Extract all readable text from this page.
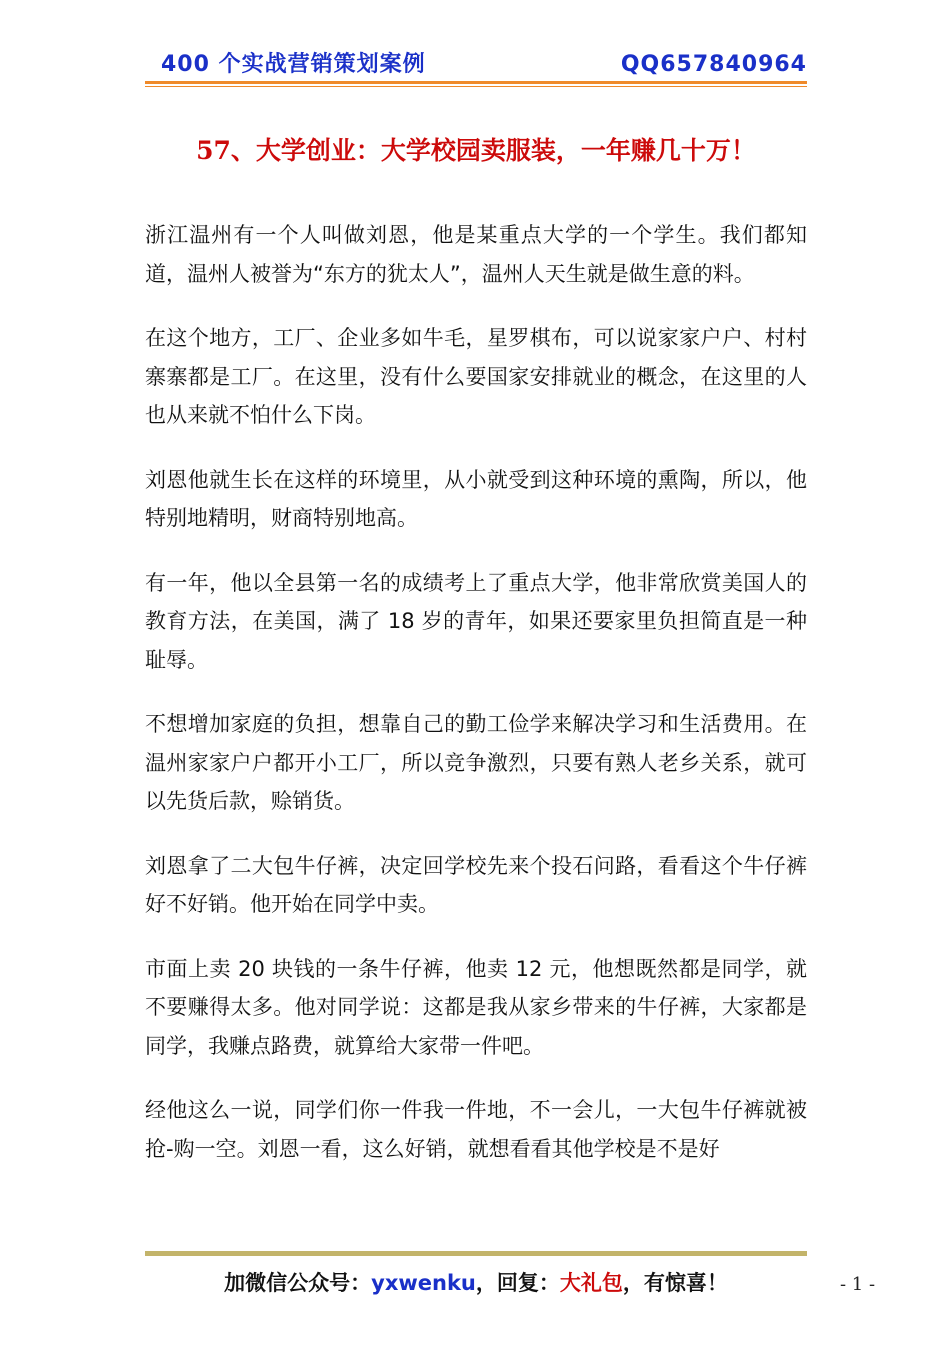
400 个实战营销策划案例	QQ657840964
57、大学创业：大学校园卖服装，一年赚几十万！

浙江温州有一个人叫做刘恩，他是某重点大学的一个学生。我们都知道，温州人被誉为“东方的犹太人”，温州人天生就是做生意的料。

在这个地方，工厂、企业多如牛毛，星罗棋布，可以说家家户户、村村寨寨都是工厂。在这里，没有什么要国家安排就业的概念，在这里的人也从来就不怕什么下岗。

刘恩他就生长在这样的环境里，从小就受到这种环境的熏陶，所以，他特别地精明，财商特别地高。

有一年，他以全县第一名的成绩考上了重点大学，他非常欣赏美国人的教育方法，在美国，满了 18 岁的青年，如果还要家里负担简直是一种耻辱。

不想增加家庭的负担，想靠自己的勤工俭学来解决学习和生活费用。在温州家家户户都开小工厂，所以竞争激烈，只要有熟人老乡关系，就可以先货后款，赊销货。

刘恩拿了二大包牛仔裤，决定回学校先来个投石问路，看看这个牛仔裤好不好销。他开始在同学中卖。

市面上卖 20 块钱的一条牛仔裤，他卖 12 元，他想既然都是同学，就不要赚得太多。他对同学说：这都是我从家乡带来的牛仔裤，大家都是同学，我赚点路费，就算给大家带一件吧。

经他这么一说，同学们你一件我一件地，不一会儿，一大包牛仔裤就被抢-购一空。刘恩一看，这么好销，就想看看其他学校是不是好

加微信公众号：yxwenku，回复：大礼包，有惊喜！	- 1 -
